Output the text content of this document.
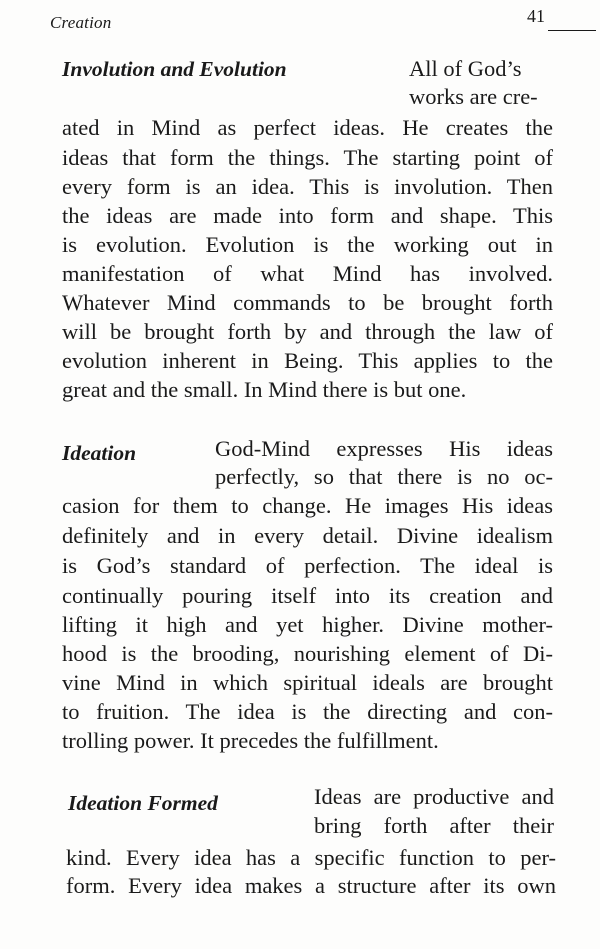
Creation	41
Involution and Evolution	All of God’s
works are cre-
ated in Mind as perfect ideas. He creates the
ideas that form the things. The starting point of
every form is an idea. This is involution. Then
the ideas are made into form and shape. This
is evolution. Evolution is the working out in
manifestation of what Mind has involved.
Whatever Mind commands to be brought forth
will be brought forth by and through the law of
evolution inherent in Being. This applies to the
great and the small. In Mind there is but one.
Ideation	God-Mind expresses His ideas
perfectly, so that there is no oc-
casion for them to change. He images His ideas
definitely and in every detail. Divine idealism
is God’s standard of perfection. The ideal is
continually pouring itself into its creation and
lifting it high and yet higher. Divine mother-
hood is the brooding, nourishing element of Di-
vine Mind in which spiritual ideals are brought
to fruition. The idea is the directing and con-
trolling power. It precedes the fulfillment.
Ideation Formed	Ideas are productive and
bring forth after their
kind. Every idea has a specific function to per-
form. Every idea makes a structure after its own
